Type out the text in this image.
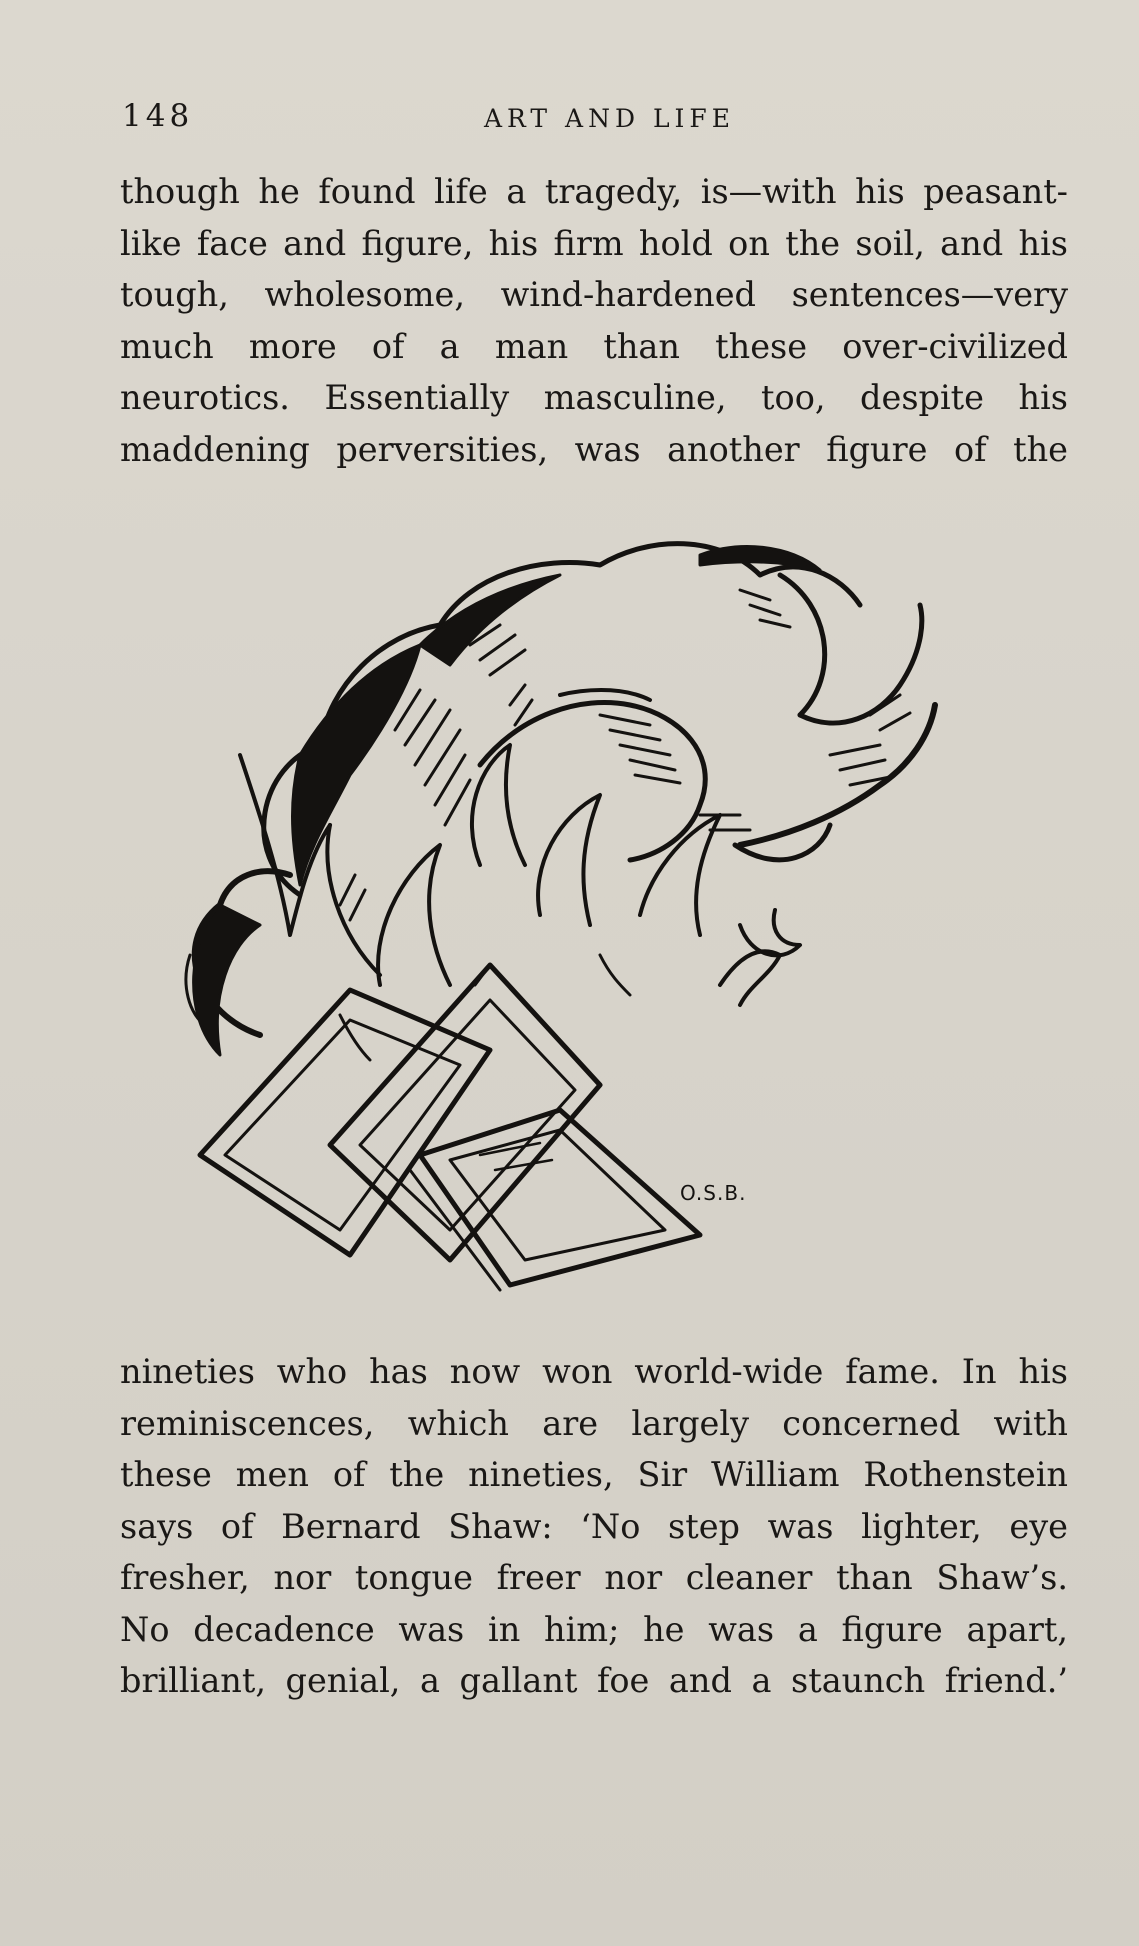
148	ART AND LIFE
though he found life a tragedy, is—with his peasant-
like face and figure, his firm hold on the soil, and his
tough, wholesome, wind-hardened sentences—very
much more of a man than these over-civilized
neurotics. Essentially masculine, too, despite his
maddening perversities, was another figure of the
O.S.B.
nineties who has now won world-wide fame. In his
reminiscences, which are largely concerned with
these men of the nineties, Sir William Rothenstein
says of Bernard Shaw: ‘No step was lighter, eye
fresher, nor tongue freer nor cleaner than Shaw’s.
No decadence was in him; he was a figure apart,
brilliant, genial, a gallant foe and a staunch friend.’
